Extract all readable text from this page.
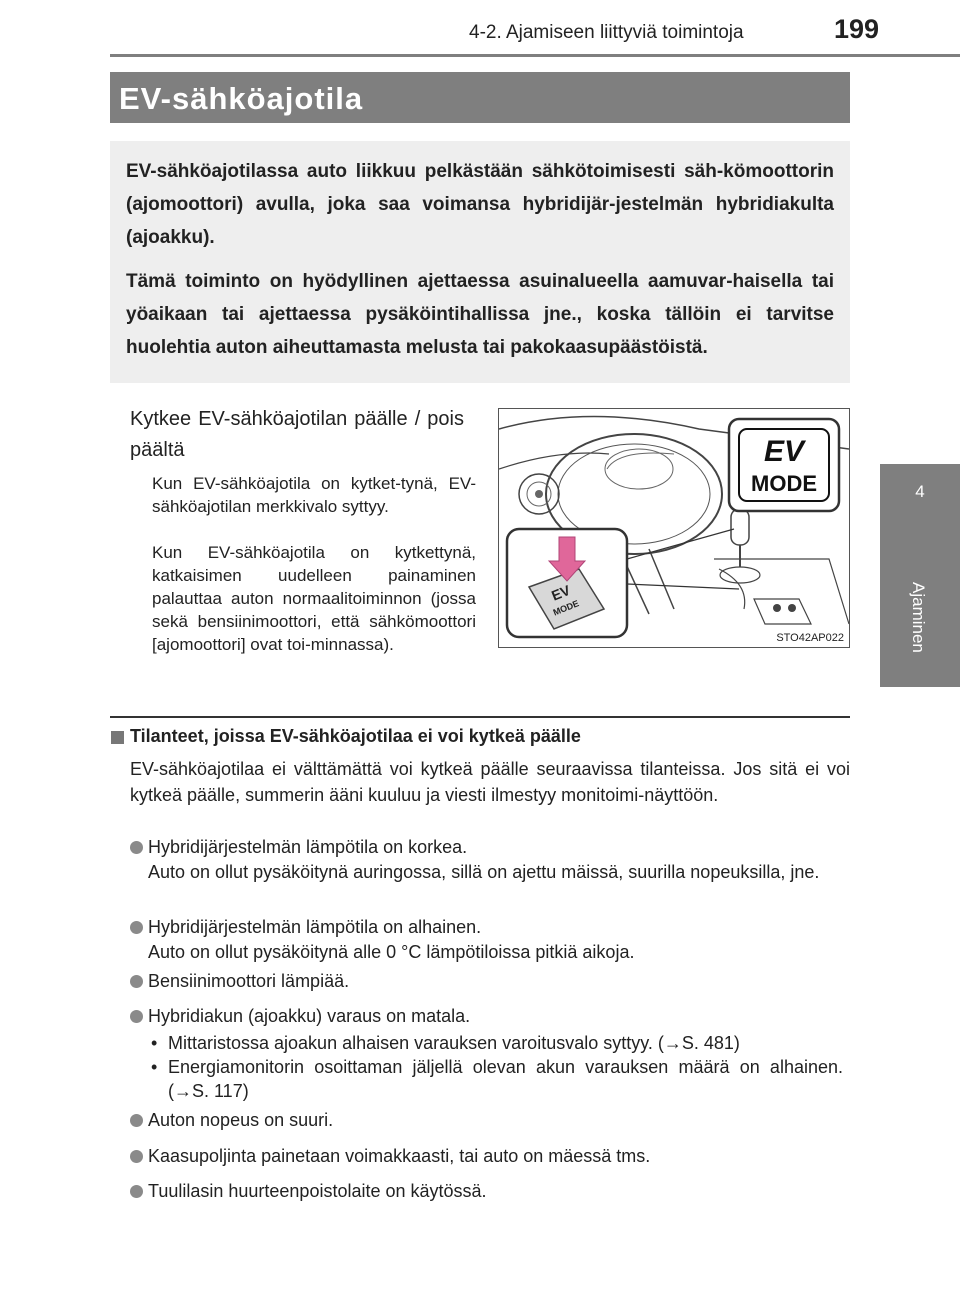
4-2. Ajamiseen liittyviä toimintoja	199
4
Ajaminen
EV-sähköajotila

EV-sähköajotilassa auto liikkuu pelkästään sähkötoimisesti säh-kömoottorin (ajomoottori) avulla, joka saa voimansa hybridijär-jestelmän hybridiakulta (ajoakku).

Tämä toiminto on hyödyllinen ajettaessa asuinalueella aamuvar-haisella tai yöaikaan tai ajettaessa pysäköintihallissa jne., koska tällöin ei tarvitse huolehtia auton aiheuttamasta melusta tai pakokaasupäästöistä.

Kytkee EV-sähköajotilan päälle / pois päältä
Kun EV-sähköajotila on kytket-tynä, EV-sähköajotilan merkkivalo syttyy.
Kun EV-sähköajotila on kytkettynä, katkaisimen uudelleen painaminen palauttaa auton normaalitoiminnon (jossa sekä bensiinimoottori, että sähkömoottori [ajomoottori] ovat toi-minnassa).
EV
MODE
EV
MODE
STO42AP022
Tilanteet, joissa EV-sähköajotilaa ei voi kytkeä päälle
EV-sähköajotilaa ei välttämättä voi kytkeä päälle seuraavissa tilanteissa. Jos sitä ei voi kytkeä päälle, summerin ääni kuuluu ja viesti ilmestyy monitoimi-näyttöön.
Hybridijärjestelmän lämpötila on korkea.
Auto on ollut pysäköitynä auringossa, sillä on ajettu mäissä, suurilla nopeuksilla, jne.
Hybridijärjestelmän lämpötila on alhainen.
Auto on ollut pysäköitynä alle 0 °C lämpötiloissa pitkiä aikoja.
Bensiinimoottori lämpiää.
Hybridiakun (ajoakku) varaus on matala.
• Mittaristossa ajoakun alhaisen varauksen varoitusvalo syttyy. (→S. 481)
• Energiamonitorin osoittaman jäljellä olevan akun varauksen määrä on alhainen. (→S. 117)
Auton nopeus on suuri.
Kaasupoljinta painetaan voimakkaasti, tai auto on mäessä tms.
Tuulilasin huurteenpoistolaite on käytössä.
